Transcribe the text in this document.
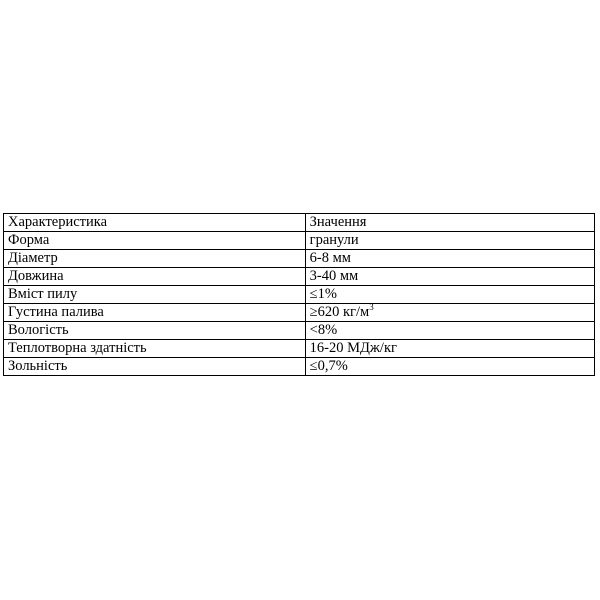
Характеристика	Значення
Форма	гранули
Діаметр	6-8 мм
Довжина	3-40 мм
Вміст пилу	≤1%
Густина палива	≥620 $кг/м^3$
Вологість	<8%
Теплотворна здатність	16-20 МДж/кг
Зольність	≤0,7%
